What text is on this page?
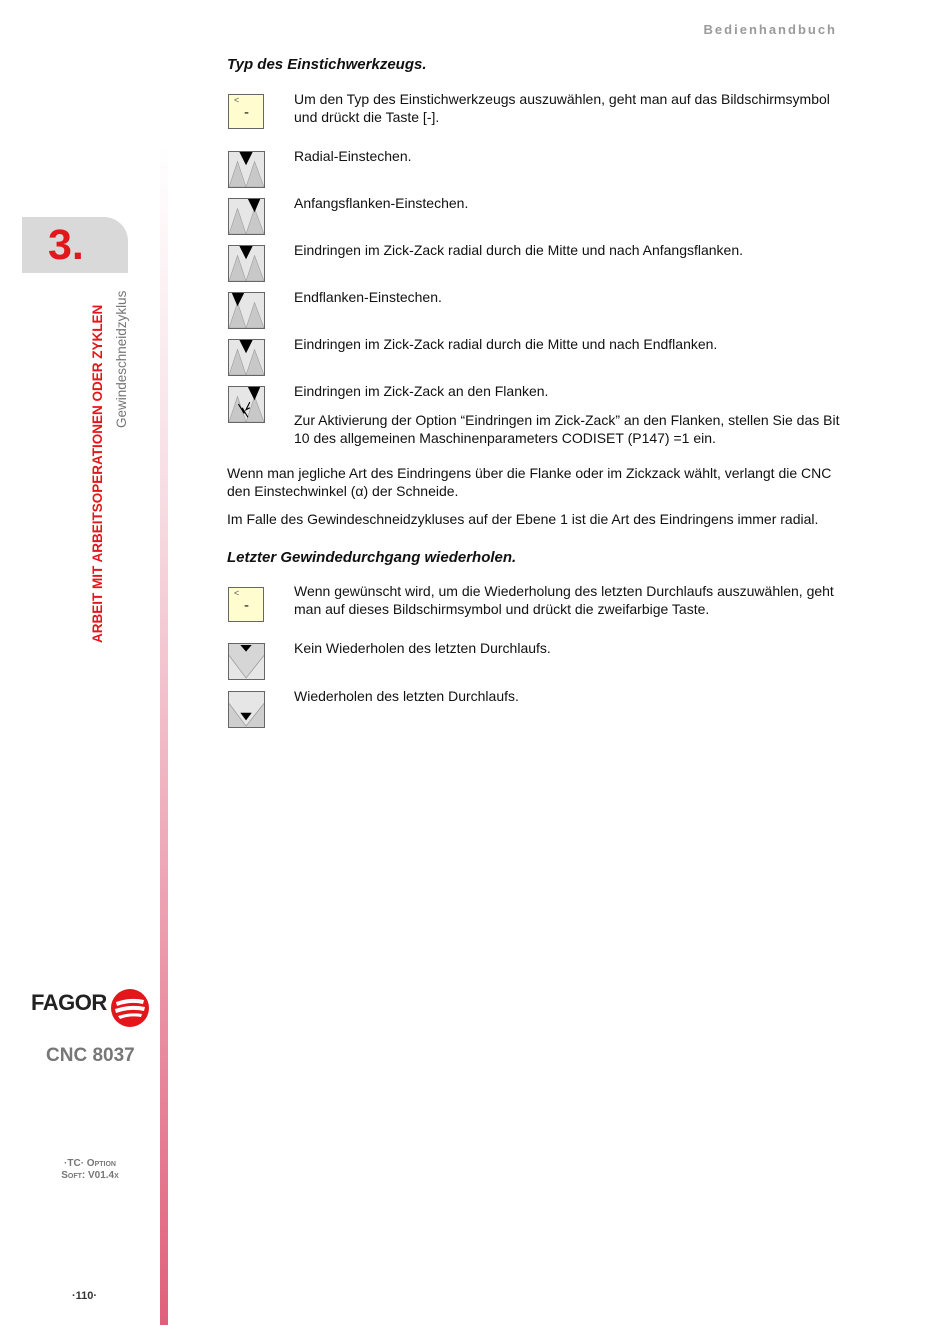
Bedienhandbuch
3.
ARBEIT MIT ARBEITSOPERATIONEN ODER ZYKLEN Gewindeschneidzyklus
FAGOR
CNC 8037
·TC· Option
Soft: V01.4x
·110·
Typ des Einstichwerkzeugs.
<
-
Um den Typ des Einstichwerkzeugs auszuwählen, geht man auf das Bildschirmsymbol und drückt die Taste [-].
Radial-Einstechen.
Anfangsflanken-Einstechen.
Eindringen im Zick-Zack radial durch die Mitte und nach Anfangsflanken.
Endflanken-Einstechen.
Eindringen im Zick-Zack radial durch die Mitte und nach Endflanken.
Eindringen im Zick-Zack an den Flanken.
Zur Aktivierung der Option “Eindringen im Zick-Zack” an den Flanken, stellen Sie das Bit 10 des allgemeinen Maschinenparameters CODISET (P147) =1 ein.
Wenn man jegliche Art des Eindringens über die Flanke oder im Zickzack wählt, verlangt die CNC den Einstechwinkel (α) der Schneide.
Im Falle des Gewindeschneidzykluses auf der Ebene 1 ist die Art des Eindringens immer radial.
Letzter Gewindedurchgang wiederholen.
<
-
Wenn gewünscht wird, um die Wiederholung des letzten Durchlaufs auszuwählen, geht man auf dieses Bildschirmsymbol und drückt die zweifarbige Taste.
Kein Wiederholen des letzten Durchlaufs.
Wiederholen des letzten Durchlaufs.
